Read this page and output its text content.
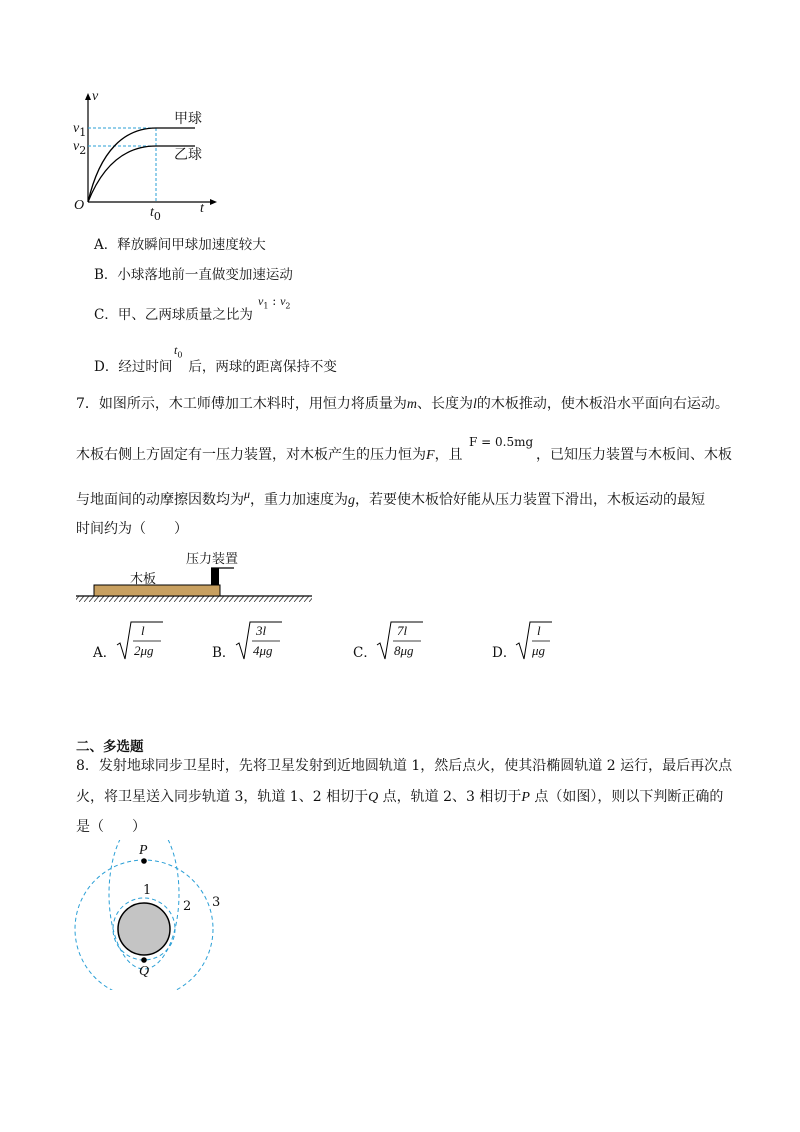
v
t
O
$v_1$
$v_2$
$t_0$
甲球
乙球
A．释放瞬间甲球加速度较大
B．小球落地前一直做变加速运动
C．甲、乙两球质量之比为
$v_1$ : $v_2$
D．经过时间 后，两球的距离保持不变
$t_0$
7．如图所示，木工师傅加工木料时，用恒力将质量为m、长度为l的木板推动，使木板沿水平面向右运动。
木板右侧上方固定有一压力装置，对木板产生的压力恒为F，且
F = 0.5mg
，已知压力装置与木板间、木板
与地面间的动摩擦因数均为μ，重力加速度为g，若要使木板恰好能从压力装置下滑出，木板运动的最短
时间约为（　　）
压力装置
木板
A．
l
2μg	B．
3l
4μg	C．
7l
8μg	D．
l
μg
二、多选题
8．发射地球同步卫星时，先将卫星发射到近地圆轨道 1，然后点火，使其沿椭圆轨道 2 运行，最后再次点
火，将卫星送入同步轨道 3，轨道 1、2 相切于Q 点，轨道 2、3 相切于P 点（如图），则以下判断正确的
是（　　）
P
Q
1
2 3
